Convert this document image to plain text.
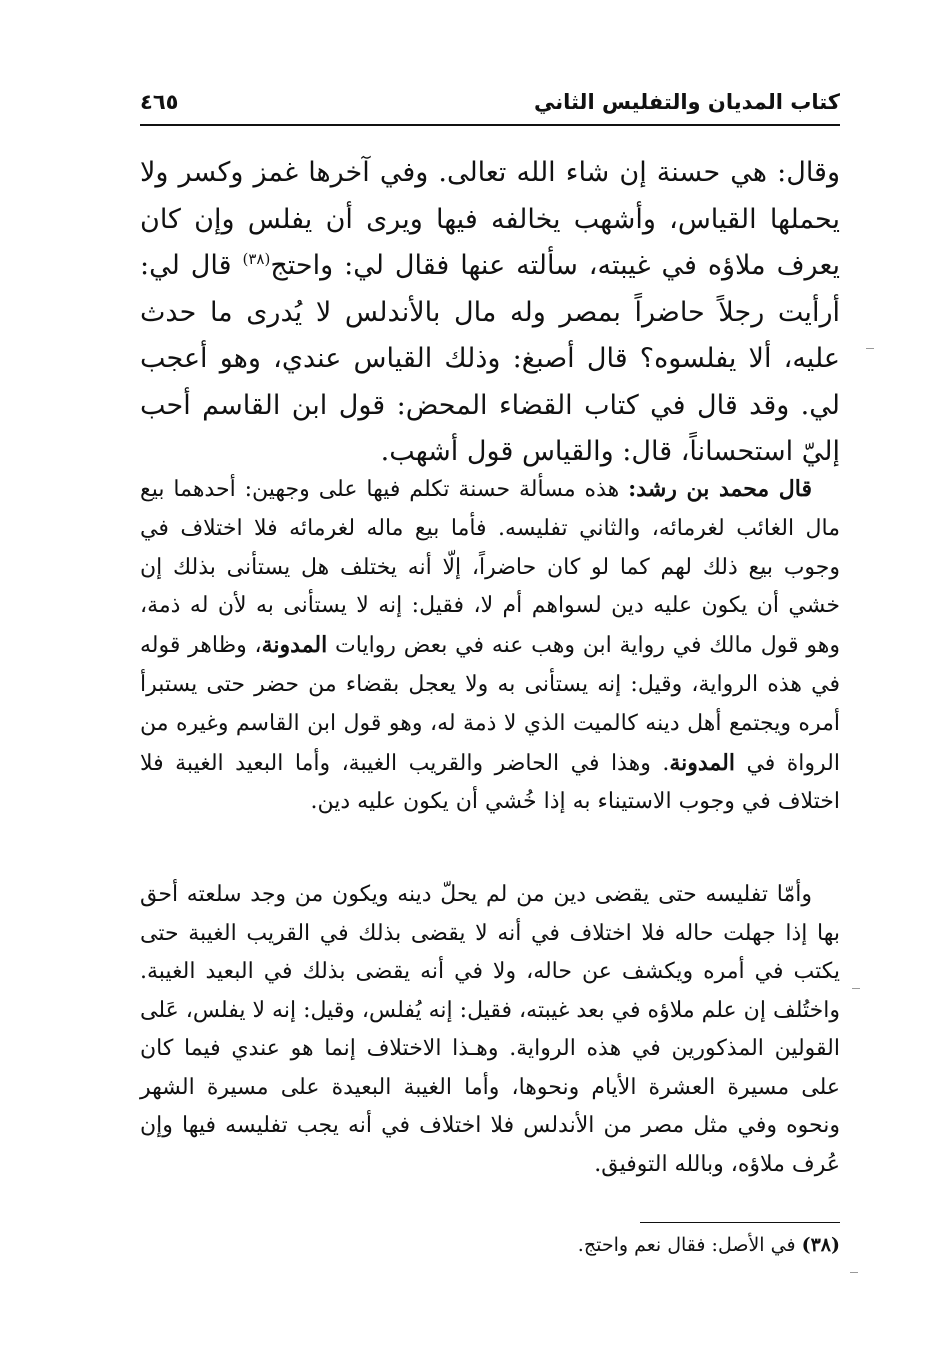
كتاب المديان والتفليس الثاني
٤٦٥

وقال: هي حسنة إن شاء الله تعالى. وفي آخرها غمز وكسر ولا يحملها القياس، وأشهب يخالفه فيها ويرى أن يفلس وإن كان يعرف ملاؤه في غيبته، سألته عنها فقال لي: واحتج$^{(٣٨)}$ قال لي: أرأيت رجلاً حاضراً بمصر وله مال بالأندلس لا يُدرى ما حدث عليه، ألا يفلسوه؟ قال أصبغ: وذلك القياس عندي، وهو أعجب لي. وقد قال في كتاب القضاء المحض: قول ابن القاسم أحب إليّ استحساناً، قال: والقياس قول أشهب.

قال محمد بن رشد: هذه مسألة حسنة تكلم فيها على وجهين: أحدهما بيع مال الغائب لغرمائه، والثاني تفليسه. فأما بيع ماله لغرمائه فلا اختلاف في وجوب بيع ذلك لهم كما لو كان حاضراً، إلّا أنه يختلف هل يستأنى بذلك إن خشي أن يكون عليه دين لسواهم أم لا، فقيل: إنه لا يستأنى به لأن له ذمة، وهو قول مالك في رواية ابن وهب عنه في بعض روايات المدونة، وظاهر قوله في هذه الرواية، وقيل: إنه يستأنى به ولا يعجل بقضاء من حضر حتى يستبرأ أمره ويجتمع أهل دينه كالميت الذي لا ذمة له، وهو قول ابن القاسم وغيره من الرواة في المدونة. وهذا في الحاضر والقريب الغيبة، وأما البعيد الغيبة فلا اختلاف في وجوب الاستيناء به إذا خُشي أن يكون عليه دين.

وأمّا تفليسه حتى يقضى دين من لم يحلّ دينه ويكون من وجد سلعته أحق بها إذا جهلت حاله فلا اختلاف في أنه لا يقضى بذلك في القريب الغيبة حتى يكتب في أمره ويكشف عن حاله، ولا في أنه يقضى بذلك في البعيد الغيبة. واختُلف إن علم ملاؤه في بعد غيبته، فقيل: إنه يُفلس، وقيل: إنه لا يفلس، عَلى القولين المذكورين في هذه الرواية. وهـذا الاختلاف إنما هو عندي فيما كان على مسيرة العشرة الأيام ونحوها، وأما الغيبة البعيدة على مسيرة الشهر ونحوه وفي مثل مصر من الأندلس فلا اختلاف في أنه يجب تفليسه فيها وإن عُرف ملاؤه، وبالله التوفيق.

(٣٨) في الأصل: فقال نعم واحتج.
